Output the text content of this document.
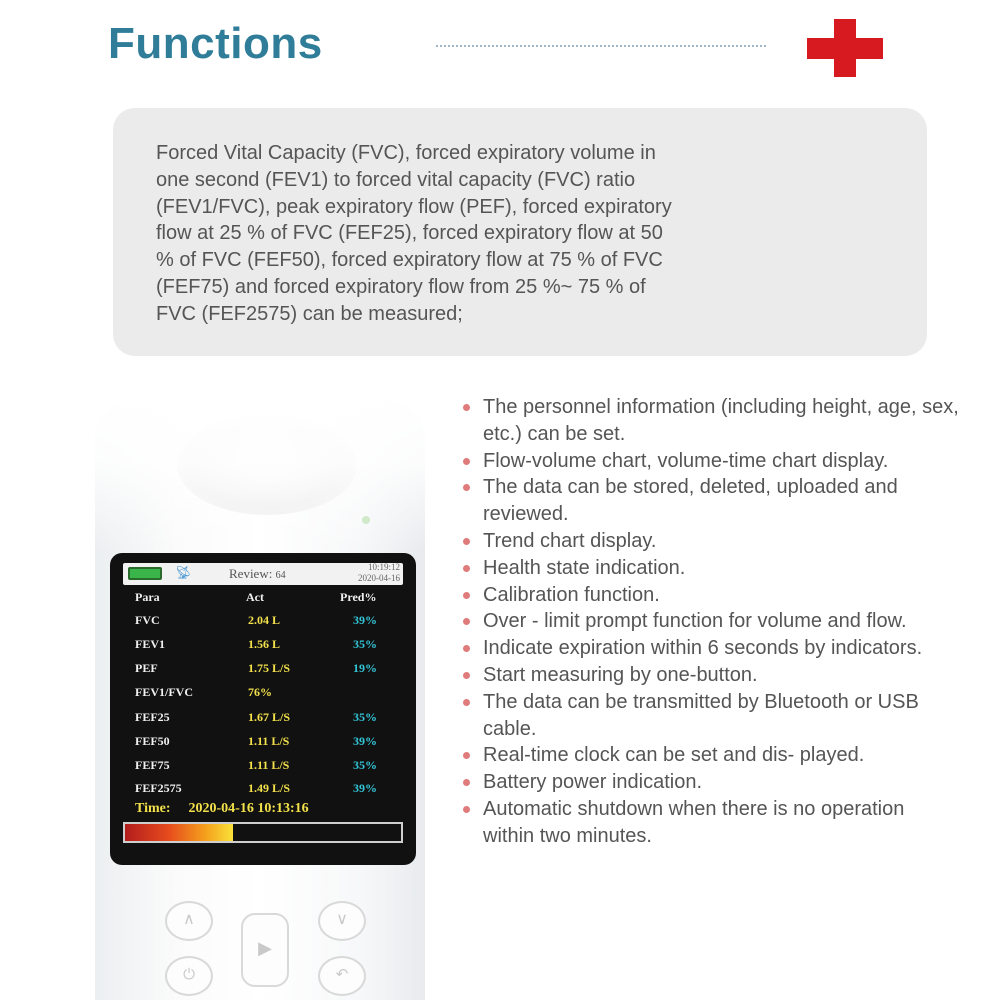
Functions

Forced Vital Capacity (FVC), forced expiratory volume in
one second (FEV1) to forced vital capacity (FVC) ratio
(FEV1/FVC), peak expiratory flow (PEF), forced expiratory
flow at 25 % of FVC (FEF25), forced expiratory flow at 50
% of FVC (FEF50), forced expiratory flow at 75 % of FVC
(FEF75) and forced expiratory flow from 25 %~ 75 % of
FVC (FEF2575) can be measured;

📡︎	Review: 64
10:19:12
2020-04-16
Para	Act	Pred%
FVC	2.04 L	39%
FEV1	1.56 L	35%
PEF	1.75 L/S	19%
FEV1/FVC	76%
FEF25	1.67 L/S	35%
FEF50	1.11 L/S	39%
FEF75	1.11 L/S	35%
FEF2575	1.49 L/S	39%
Time: 2020-04-16 10:13:16
∧	∨
▶
⏻	↶
The personnel information (including height, age, sex, etc.) can be set.
Flow-volume chart, volume-time chart display.
The data can be stored, deleted, uploaded and reviewed.
Trend chart display.
Health state indication.
Calibration function.
Over - limit prompt function for volume and flow.
Indicate expiration within 6 seconds by indicators.
Start measuring by one-button.
The data can be transmitted by Bluetooth or USB cable.
Real-time clock can be set and dis- played.
Battery power indication.
Automatic shutdown when there is no operation within two minutes.
